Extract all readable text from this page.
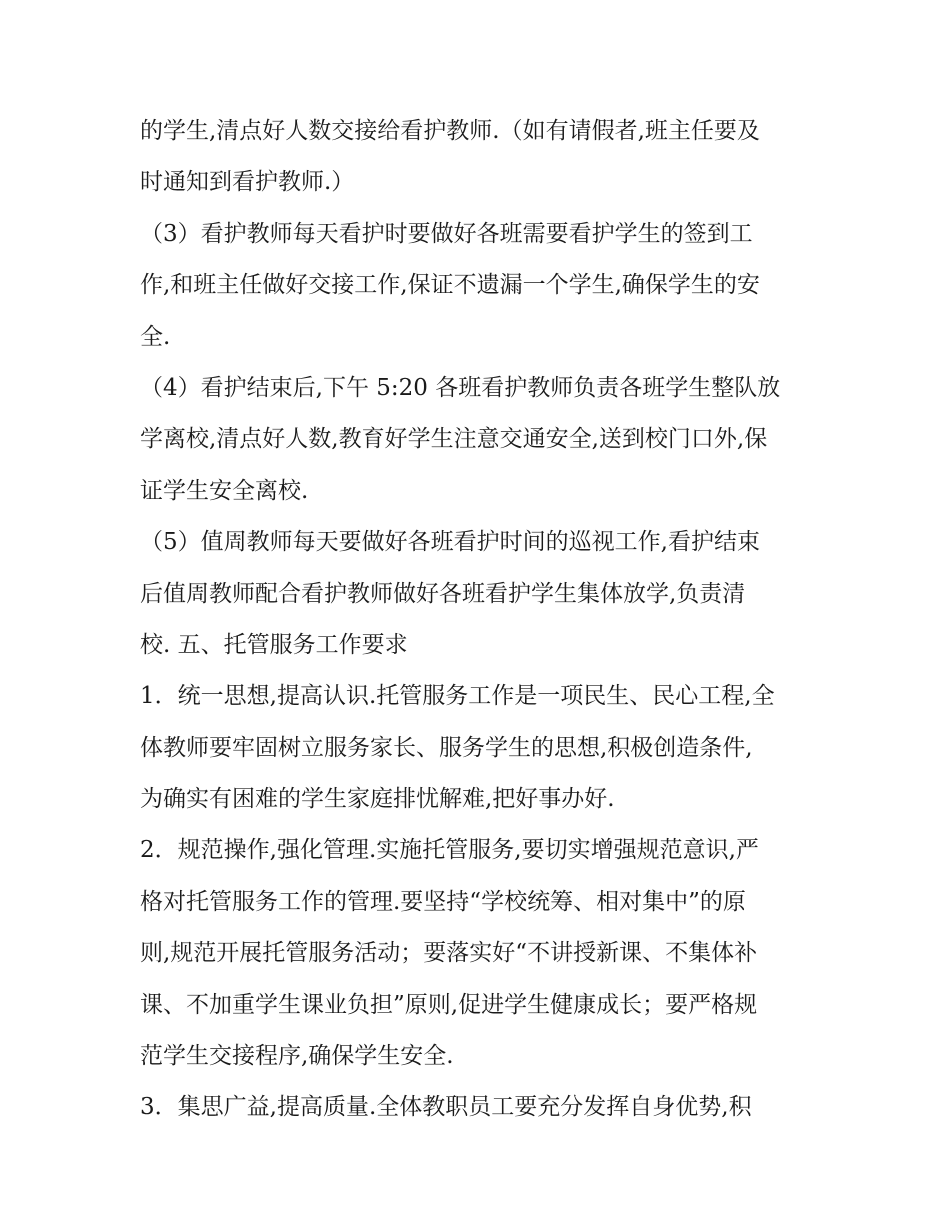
的学生,清点好人数交接给看护教师.（如有请假者,班主任要及
时通知到看护教师.）
（3）看护教师每天看护时要做好各班需要看护学生的签到工
作,和班主任做好交接工作,保证不遗漏一个学生,确保学生的安
全.
（4）看护结束后,下午 5:20 各班看护教师负责各班学生整队放
学离校,清点好人数,教育好学生注意交通安全,送到校门口外,保
证学生安全离校.
（5）值周教师每天要做好各班看护时间的巡视工作,看护结束
后值周教师配合看护教师做好各班看护学生集体放学,负责清
校. 五、托管服务工作要求
1．统一思想,提高认识.托管服务工作是一项民生、民心工程,全
体教师要牢固树立服务家长、服务学生的思想,积极创造条件,
为确实有困难的学生家庭排忧解难,把好事办好.
2．规范操作,强化管理.实施托管服务,要切实增强规范意识,严
格对托管服务工作的管理.要坚持“学校统筹、相对集中”的原
则,规范开展托管服务活动；要落实好“不讲授新课、不集体补
课、不加重学生课业负担”原则,促进学生健康成长；要严格规
范学生交接程序,确保学生安全.
3．集思广益,提高质量.全体教职员工要充分发挥自身优势,积
